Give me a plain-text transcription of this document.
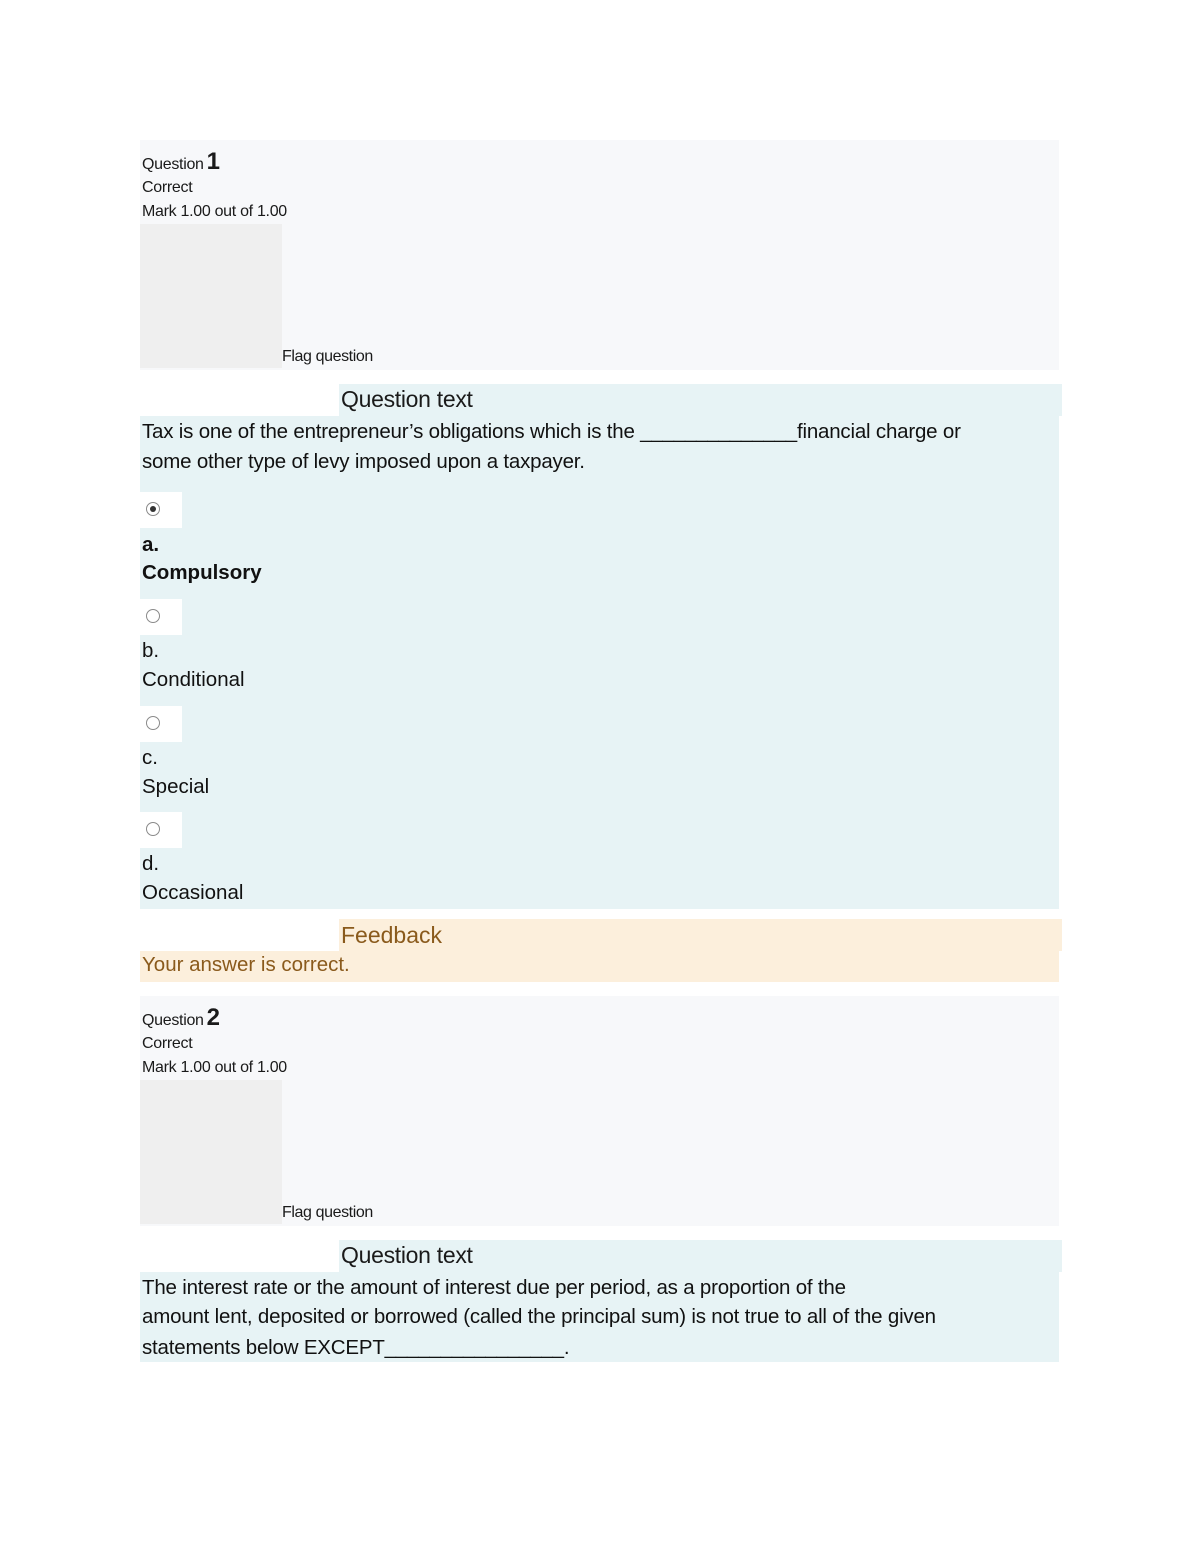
Question 1
Correct
Mark 1.00 out of 1.00
Flag question
Question text
Tax is one of the entrepreneur’s obligations which is the ______________financial charge or
some other type of levy imposed upon a taxpayer.
a.
Compulsory
b.
Conditional
c.
Special
d.
Occasional
Feedback
Your answer is correct.
Question 2
Correct
Mark 1.00 out of 1.00
Flag question
Question text
The interest rate or the amount of interest due per period, as a proportion of the
amount lent, deposited or borrowed (called the principal sum) is not true to all of the given
statements below EXCEPT________________.
